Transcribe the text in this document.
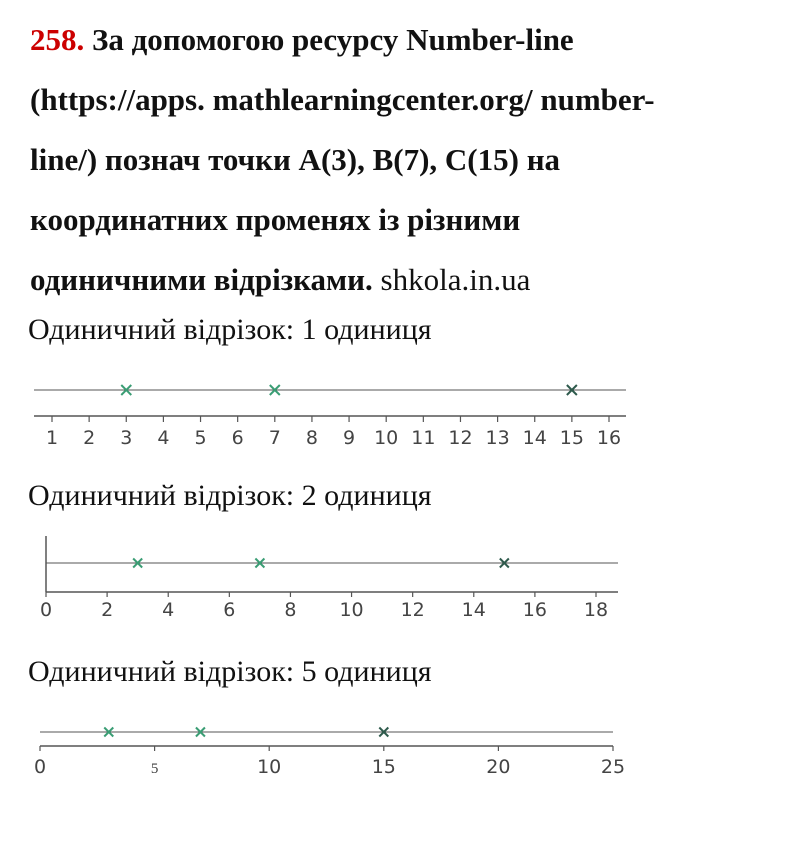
258. За допомогою ресурсу Number-line
(https://apps. mathlearningcenter.org/ number-
line/) познач точки A(3), B(7), C(15) на
координатних променях із різними
одиничними відрізками. shkola.in.ua
Одиничний відрізок: 1 одиниця
1 2 3 4 5 6 7 8 9 10 11 12 13 14 15 16
Одиничний відрізок: 2 одиниця
0	2	4	6	8 10 12 14 16 18
Одиничний відрізок: 5 одиниця
0	5	10	15	20	25
